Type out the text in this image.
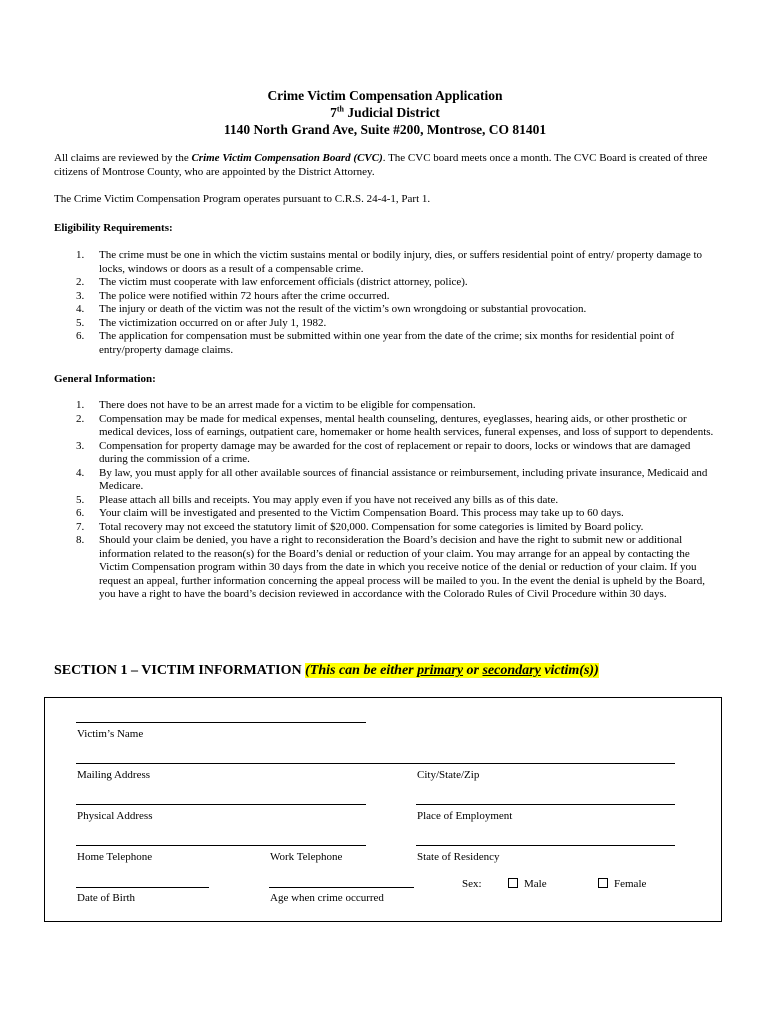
Crime Victim Compensation Application
7th Judicial District
1140 North Grand Ave, Suite #200, Montrose, CO 81401
All claims are reviewed by the Crime Victim Compensation Board (CVC). The CVC board meets once a month. The CVC Board is created of three citizens of Montrose County, who are appointed by the District Attorney.
The Crime Victim Compensation Program operates pursuant to C.R.S. 24-4-1, Part 1.
Eligibility Requirements:
1. The crime must be one in which the victim sustains mental or bodily injury, dies, or suffers residential point of entry/ property damage to locks, windows or doors as a result of a compensable crime.
2. The victim must cooperate with law enforcement officials (district attorney, police).
3. The police were notified within 72 hours after the crime occurred.
4. The injury or death of the victim was not the result of the victim’s own wrongdoing or substantial provocation.
5. The victimization occurred on or after July 1, 1982.
6. The application for compensation must be submitted within one year from the date of the crime; six months for residential point of entry/property damage claims.
General Information:
1. There does not have to be an arrest made for a victim to be eligible for compensation.
2. Compensation may be made for medical expenses, mental health counseling, dentures, eyeglasses, hearing aids, or other prosthetic or medical devices, loss of earnings, outpatient care, homemaker or home health services, funeral expenses, and loss of support to dependents.
3. Compensation for property damage may be awarded for the cost of replacement or repair to doors, locks or windows that are damaged during the commission of a crime.
4. By law, you must apply for all other available sources of financial assistance or reimbursement, including private insurance, Medicaid and Medicare.
5. Please attach all bills and receipts. You may apply even if you have not received any bills as of this date.
6. Your claim will be investigated and presented to the Victim Compensation Board. This process may take up to 60 days.
7. Total recovery may not exceed the statutory limit of $20,000. Compensation for some categories is limited by Board policy.
8. Should your claim be denied, you have a right to reconsideration the Board’s decision and have the right to submit new or additional information related to the reason(s) for the Board’s denial or reduction of your claim. You may arrange for an appeal by contacting the Victim Compensation program within 30 days from the date in which you receive notice of the denial or reduction of your claim. If you request an appeal, further information concerning the appeal process will be mailed to you. In the event the denial is upheld by the Board, you have a right to have the board’s decision reviewed in accordance with the Colorado Rules of Civil Procedure within 30 days.
SECTION 1 – VICTIM INFORMATION (This can be either primary or secondary victim(s))
Victim’s Name
Mailing Address	City/State/Zip
Physical Address	Place of Employment
Home Telephone	Work Telephone	State of Residency
Sex:	Male	Female
Date of Birth	Age when crime occurred
